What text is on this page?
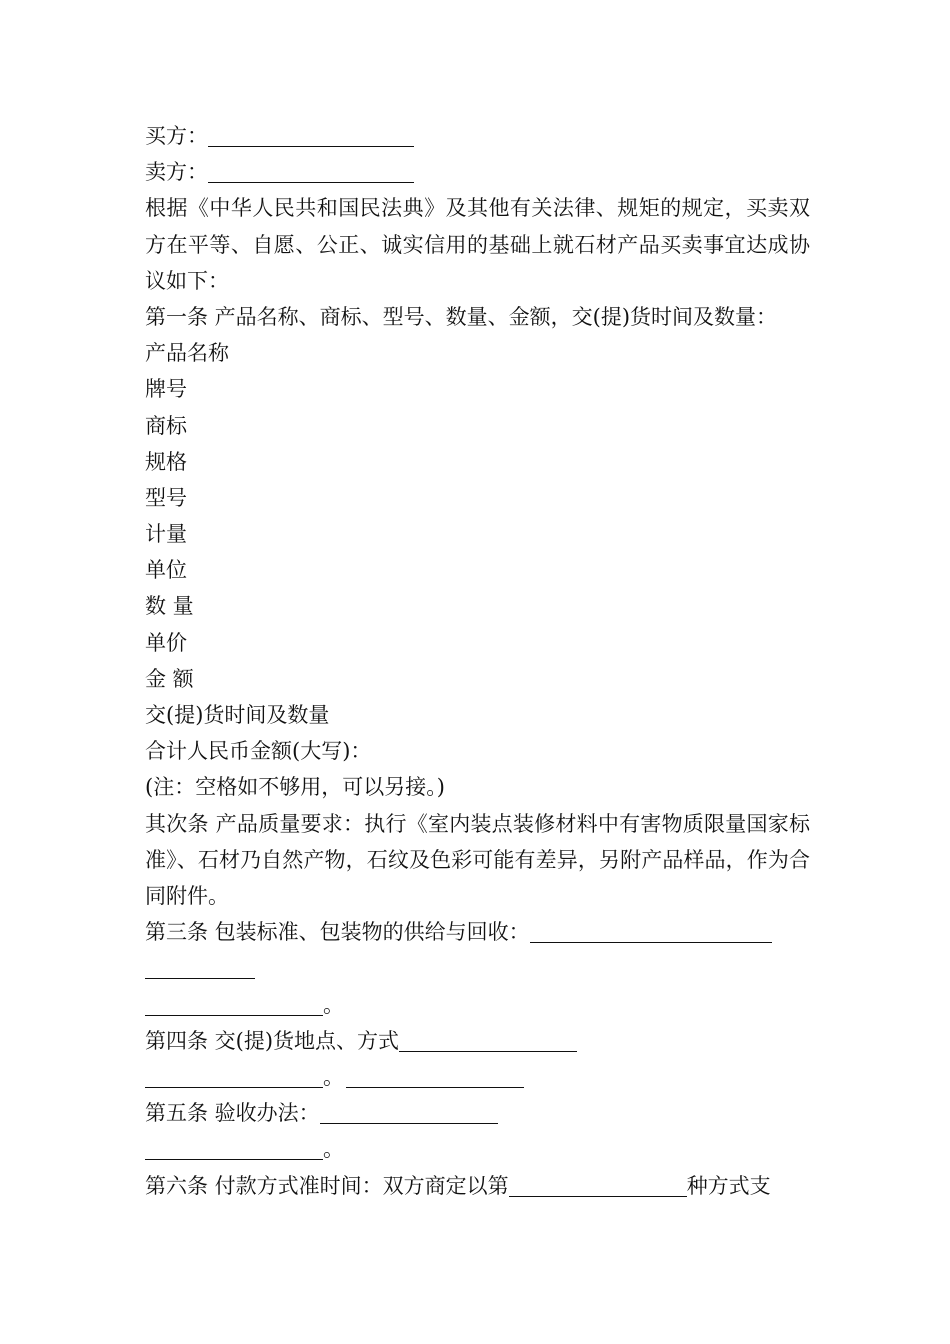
买方：
卖方：
根据《中华人民共和国民法典》及其他有关法律、规矩的规定，买卖双方在平等、自愿、公正、诚实信用的基础上就石材产品买卖事宜达成协议如下：
第一条 产品名称、商标、型号、数量、金额，交(提)货时间及数量：
产品名称
牌号
商标
规格
型号
计量
单位
数 量
单价
金 额
交(提)货时间及数量
合计人民币金额(大写)：
(注：空格如不够用，可以另接。)
其次条 产品质量要求：执行《室内装点装修材料中有害物质限量国家标准》、石材乃自然产物，石纹及色彩可能有差异，另附产品样品，作为合同附件。
第三条 包装标准、包装物的供给与回收：
。
第四条 交(提)货地点、方式
。
第五条 验收办法：
。
第六条 付款方式准时间：双方商定以第	种方式支
